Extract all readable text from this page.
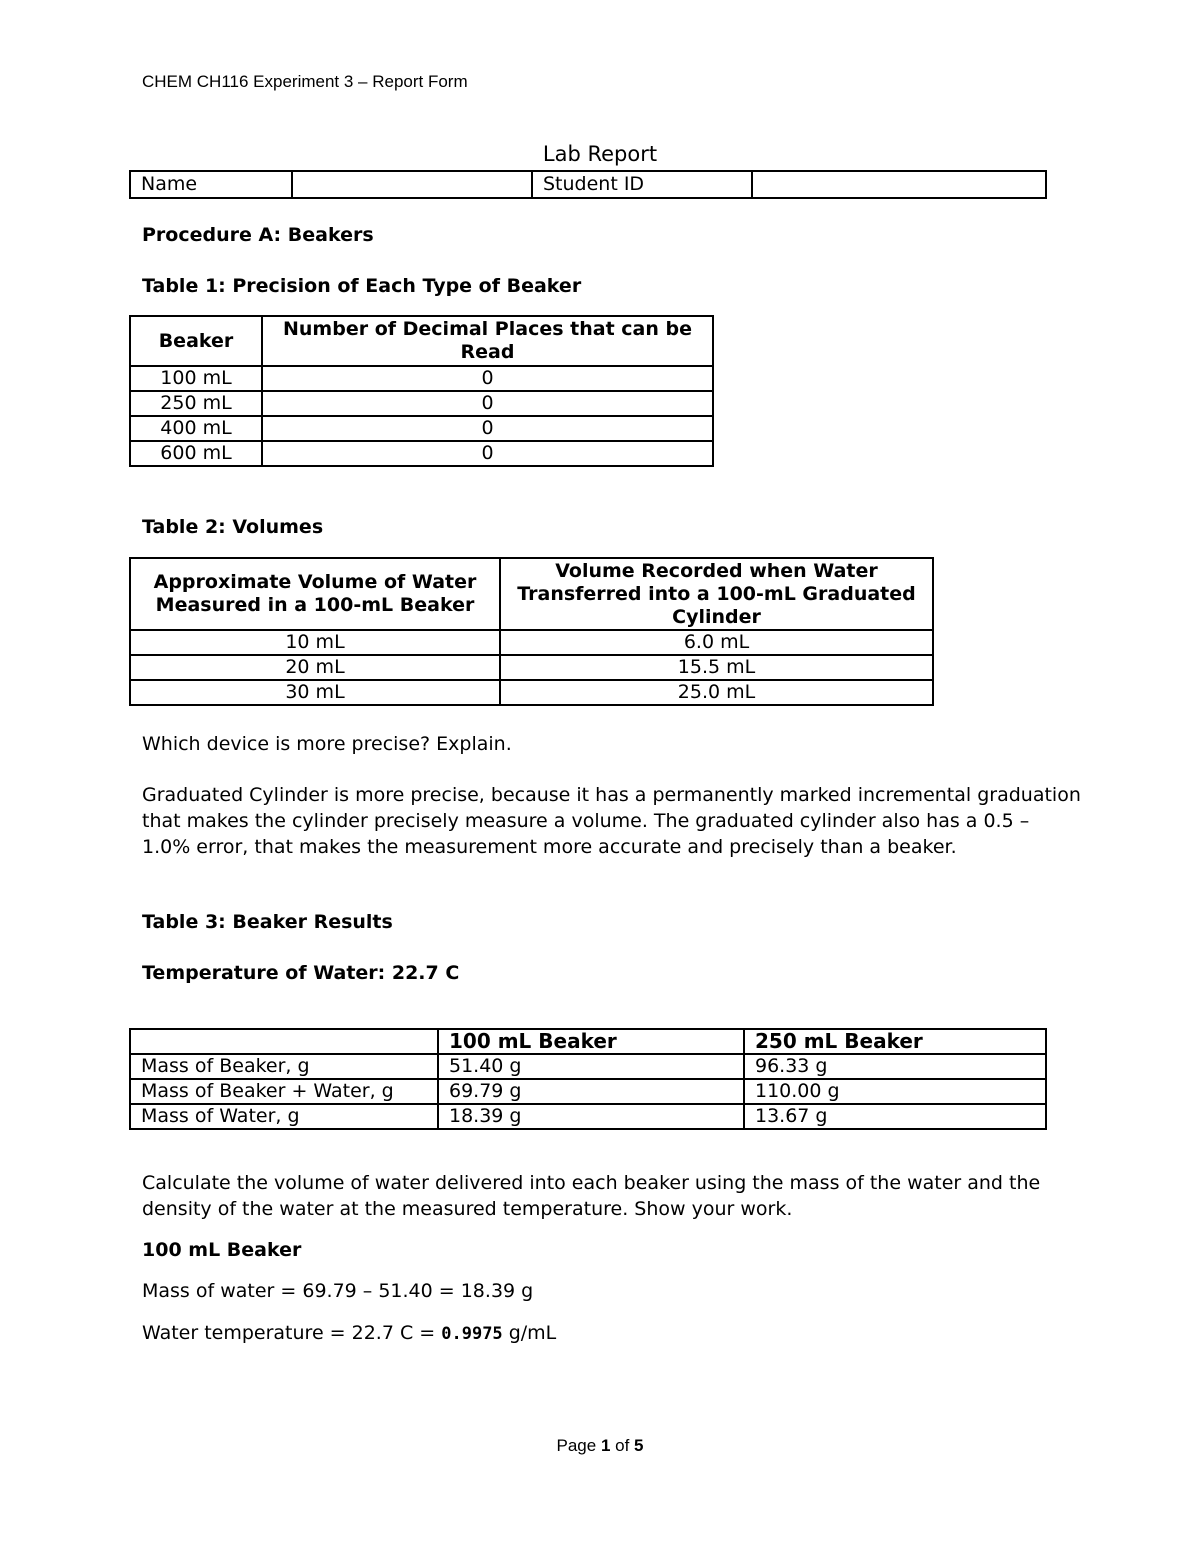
CHEM CH116 Experiment 3 – Report Form
Lab Report
Name		Student ID	
Procedure A: Beakers
Table 1: Precision of Each Type of Beaker
Beaker	Number of Decimal Places that can be Read
100 mL	0
250 mL	0
400 mL	0
600 mL	0
Table 2: Volumes
Approximate Volume of Water Measured in a 100-mL Beaker	Volume Recorded when Water Transferred into a 100-mL Graduated Cylinder
10 mL	6.0 mL
20 mL	15.5 mL
30 mL	25.0 mL
Which device is more precise? Explain.
Graduated Cylinder is more precise, because it has a permanently marked incremental graduation that makes the cylinder precisely measure a volume. The graduated cylinder also has a 0.5 – 1.0% error, that makes the measurement more accurate and precisely than a beaker.
Table 3: Beaker Results
Temperature of Water: 22.7 C
	100 mL Beaker	250 mL Beaker
Mass of Beaker, g	51.40 g	96.33 g
Mass of Beaker + Water, g	69.79 g	110.00 g
Mass of Water, g	18.39 g	13.67 g
Calculate the volume of water delivered into each beaker using the mass of the water and the density of the water at the measured temperature. Show your work.
100 mL Beaker
Mass of water = 69.79 – 51.40 = 18.39 g
Water temperature = 22.7 C = 0.9975 g/mL
Page 1 of 5
